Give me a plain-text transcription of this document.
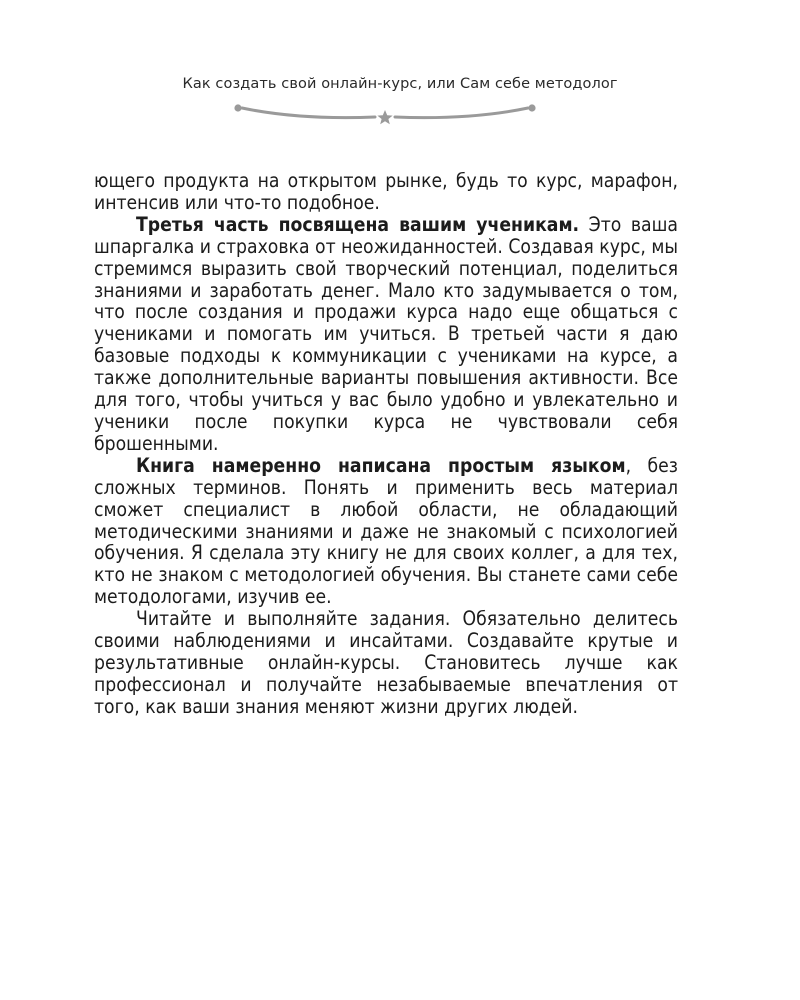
Как создать свой онлайн-курс, или Сам себе методолог

ющего продукта на открытом рынке, будь то курс, марафон, интенсив или что-то подобное.

Третья часть посвящена вашим ученикам. Это ваша шпаргалка и страховка от неожиданностей. Создавая курс, мы стремимся выразить свой творческий потенциал, поделиться знаниями и заработать денег. Мало кто задумывается о том, что после создания и продажи курса надо еще общаться с учениками и помогать им учиться. В третьей части я даю базовые подходы к коммуникации с учениками на курсе, а также дополнительные варианты повышения активности. Все для того, чтобы учиться у вас было удобно и увлекательно и ученики после покупки курса не чувствовали себя брошенными.

Книга намеренно написана простым языком, без сложных терминов. Понять и применить весь материал сможет специалист в любой области, не обладающий методическими знаниями и даже не знакомый с психологией обучения. Я сделала эту книгу не для своих коллег, а для тех, кто не знаком с методологией обучения. Вы станете сами себе методологами, изучив ее.

Читайте и выполняйте задания. Обязательно делитесь своими наблюдениями и инсайтами. Создавайте крутые и результативные онлайн-курсы. Становитесь лучше как профессионал и получайте незабываемые впечатления от того, как ваши знания меняют жизни других людей.
